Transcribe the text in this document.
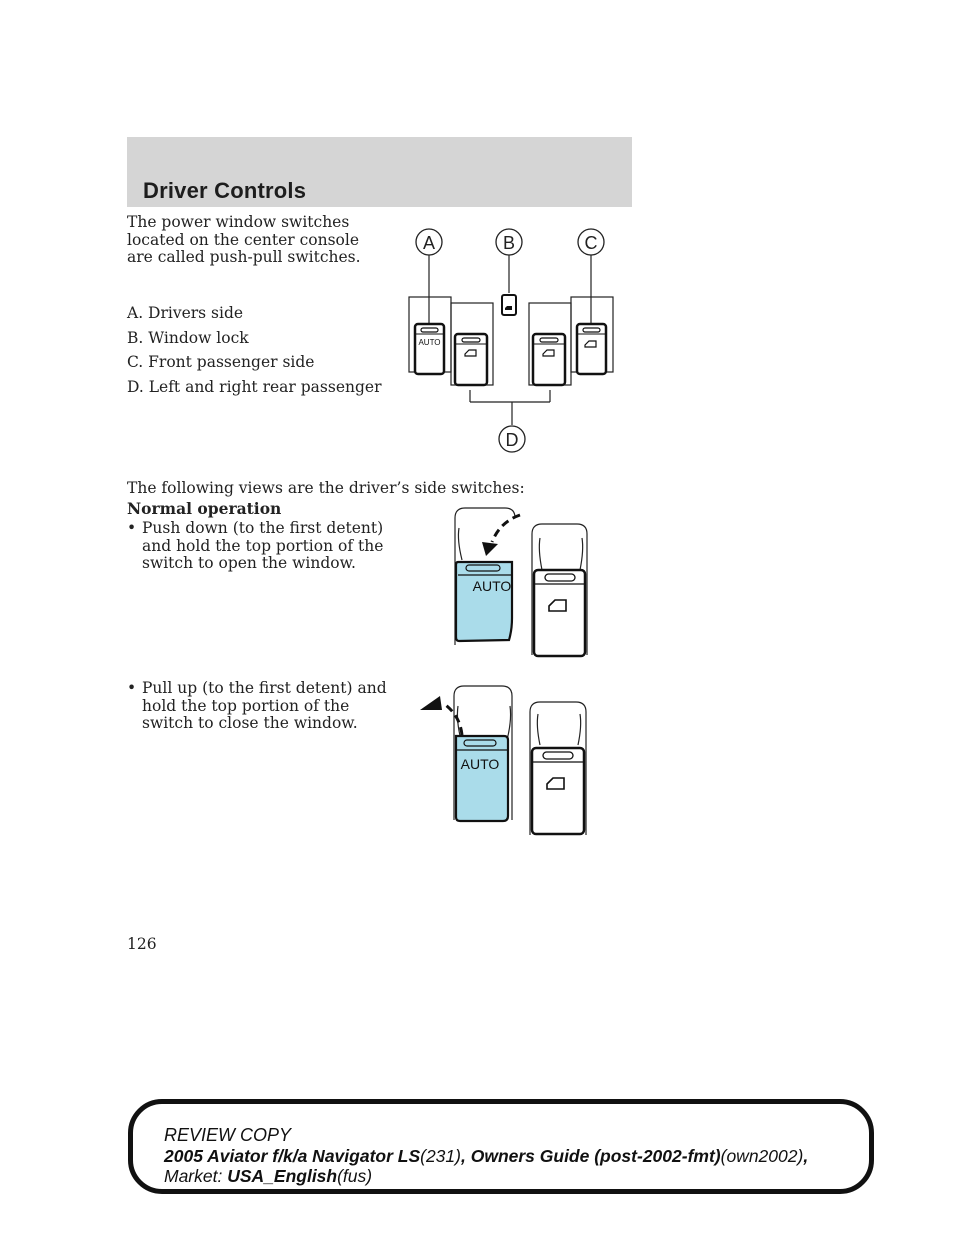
Driver Controls
The power window switches located on the center console are called push-pull switches.
A. Drivers side
B. Window lock
C. Front passenger side
D. Left and right rear passenger
A	B	C
D
AUTO
The following views are the driver’s side switches:
Normal operation
• Push down (to the first detent) and hold the top portion of the switch to open the window.
• Pull up (to the first detent) and hold the top portion of the switch to close the window.
AUTO
AUTO
126
REVIEW COPY
2005 Aviator f/k/a Navigator LS(231), Owners Guide (post-2002-fmt)(own2002),
Market: USA_English(fus)
